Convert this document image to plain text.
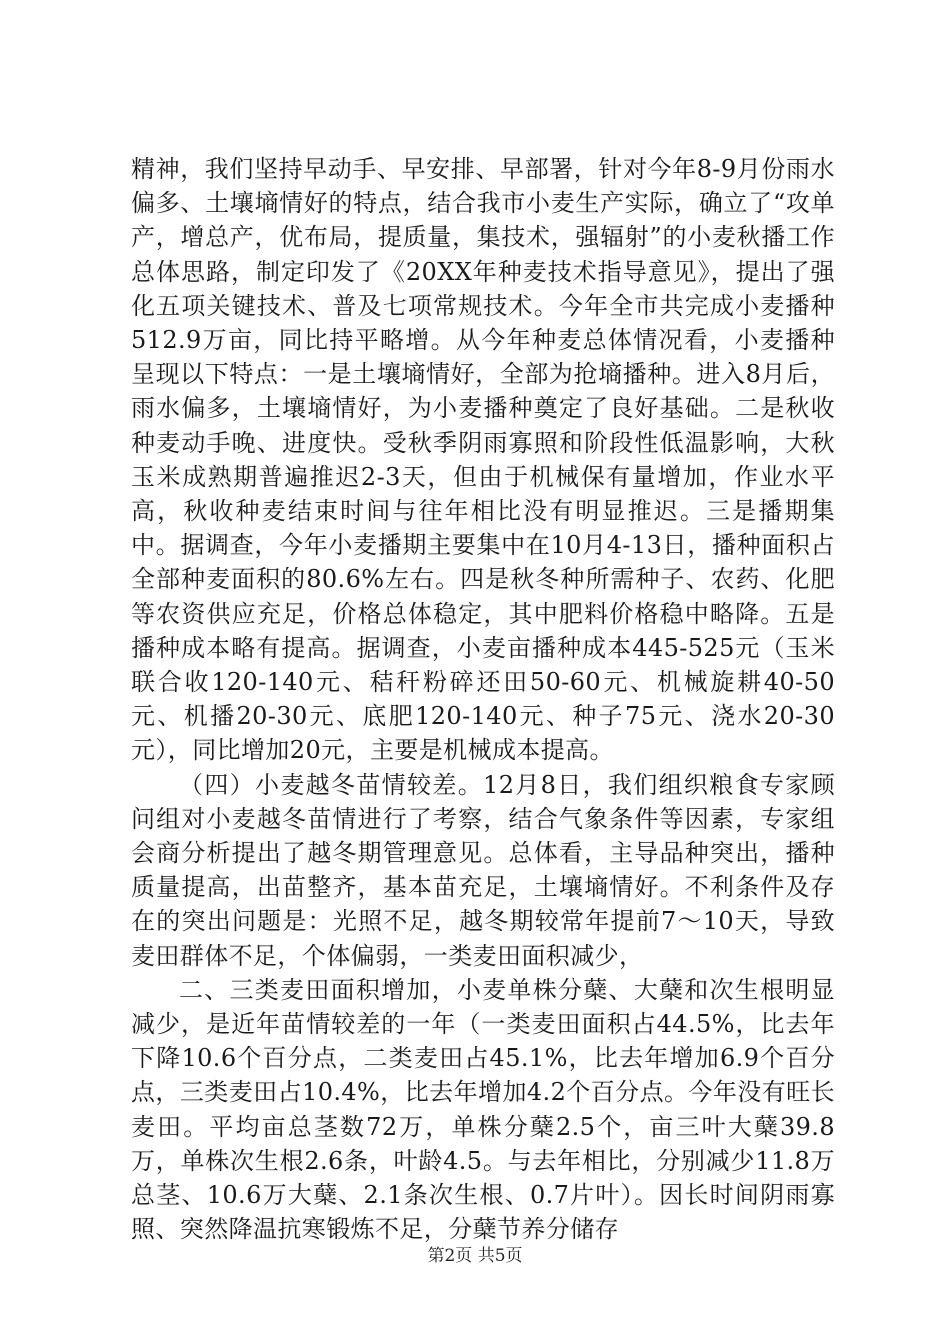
精神，我们坚持早动手、早安排、早部署，针对今年8-9月份雨水偏多、土壤墒情好的特点，结合我市小麦生产实际，确立了“攻单产，增总产，优布局，提质量，集技术，强辐射”的小麦秋播工作总体思路，制定印发了《20XX年种麦技术指导意见》，提出了强化五项关键技术、普及七项常规技术。今年全市共完成小麦播种512.9万亩，同比持平略增。从今年种麦总体情况看，小麦播种呈现以下特点：一是土壤墒情好，全部为抢墒播种。进入8月后，雨水偏多，土壤墒情好，为小麦播种奠定了良好基础。二是秋收种麦动手晚、进度快。受秋季阴雨寡照和阶段性低温影响，大秋玉米成熟期普遍推迟2-3天，但由于机械保有量增加，作业水平高，秋收种麦结束时间与往年相比没有明显推迟。三是播期集中。据调查，今年小麦播期主要集中在10月4-13日，播种面积占全部种麦面积的80.6%左右。四是秋冬种所需种子、农药、化肥等农资供应充足，价格总体稳定，其中肥料价格稳中略降。五是播种成本略有提高。据调查，小麦亩播种成本445-525元（玉米联合收120-140元、秸秆粉碎还田50-60元、机械旋耕40-50元、机播20-30元、底肥120-140元、种子75元、浇水20-30元），同比增加20元，主要是机械成本提高。

（四）小麦越冬苗情较差。12月8日，我们组织粮食专家顾问组对小麦越冬苗情进行了考察，结合气象条件等因素，专家组会商分析提出了越冬期管理意见。总体看，主导品种突出，播种质量提高，出苗整齐，基本苗充足，土壤墒情好。不利条件及存在的突出问题是：光照不足，越冬期较常年提前7～10天，导致麦田群体不足，个体偏弱，一类麦田面积减少，

二、三类麦田面积增加，小麦单株分蘖、大蘖和次生根明显减少，是近年苗情较差的一年（一类麦田面积占44.5%，比去年下降10.6个百分点，二类麦田占45.1%，比去年增加6.9个百分点，三类麦田占10.4%，比去年增加4.2个百分点。今年没有旺长麦田。平均亩总茎数72万，单株分蘖2.5个，亩三叶大蘖39.8万，单株次生根2.6条，叶龄4.5。与去年相比，分别减少11.8万总茎、10.6万大蘖、2.1条次生根、0.7片叶）。因长时间阴雨寡照、突然降温抗寒锻炼不足，分蘖节养分储存

第2页 共5页
